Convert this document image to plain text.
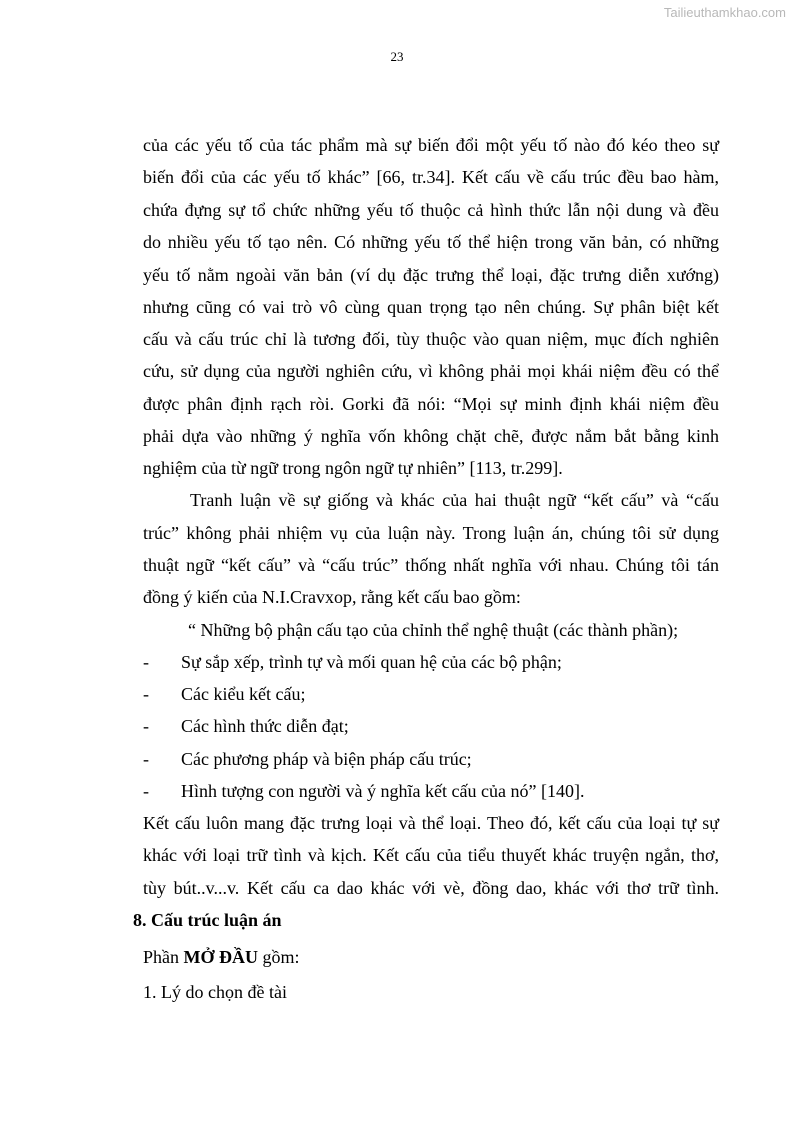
Tailieuthamkhao.com
23
của các yếu tố của tác phẩm mà sự biến đổi một yếu tố nào đó kéo theo sự
biến đổi của các yếu tố khác” [66, tr.34]. Kết cấu về cấu trúc đều bao hàm,
chứa đựng sự tổ chức những yếu tố thuộc cả hình thức lẫn nội dung và đều
do nhiều yếu tố tạo nên. Có những yếu tố thể hiện trong văn bản, có những
yếu tố nằm ngoài văn bản (ví dụ đặc trưng thể loại, đặc trưng diễn xướng)
nhưng cũng có vai trò vô cùng quan trọng tạo nên chúng. Sự phân biệt kết
cấu và cấu trúc chỉ là tương đối, tùy thuộc vào quan niệm, mục đích nghiên
cứu, sử dụng của người nghiên cứu, vì không phải mọi khái niệm đều có thể
được phân định rạch ròi. Gorki đã nói: “Mọi sự minh định khái niệm đều
phải dựa vào những ý nghĩa vốn không chặt chẽ, được nắm bắt bằng kinh
nghiệm của từ ngữ trong ngôn ngữ tự nhiên” [113, tr.299].
Tranh luận về sự giống và khác của hai thuật ngữ “kết cấu” và “cấu
trúc” không phải nhiệm vụ của luận này. Trong luận án, chúng tôi sử dụng
thuật ngữ “kết cấu” và “cấu trúc” thống nhất nghĩa với nhau. Chúng tôi tán
đồng ý kiến của N.I.Cravxop, rằng kết cấu bao gồm:
“ Những bộ phận cấu tạo của chỉnh thể nghệ thuật (các thành phần);
- Sự sắp xếp, trình tự và mối quan hệ của các bộ phận;
- Các kiểu kết cấu;
- Các hình thức diễn đạt;
- Các phương pháp và biện pháp cấu trúc;
- Hình tượng con người và ý nghĩa kết cấu của nó” [140].
Kết cấu luôn mang đặc trưng loại và thể loại. Theo đó, kết cấu của loại tự sự
khác với loại trữ tình và kịch. Kết cấu của tiểu thuyết khác truyện ngắn, thơ,
tùy bút..v...v. Kết cấu ca dao khác với vè, đồng dao, khác với thơ trữ tình.
8. Cấu trúc luận án
Phần MỞ ĐẦU gồm:
1. Lý do chọn đề tài
